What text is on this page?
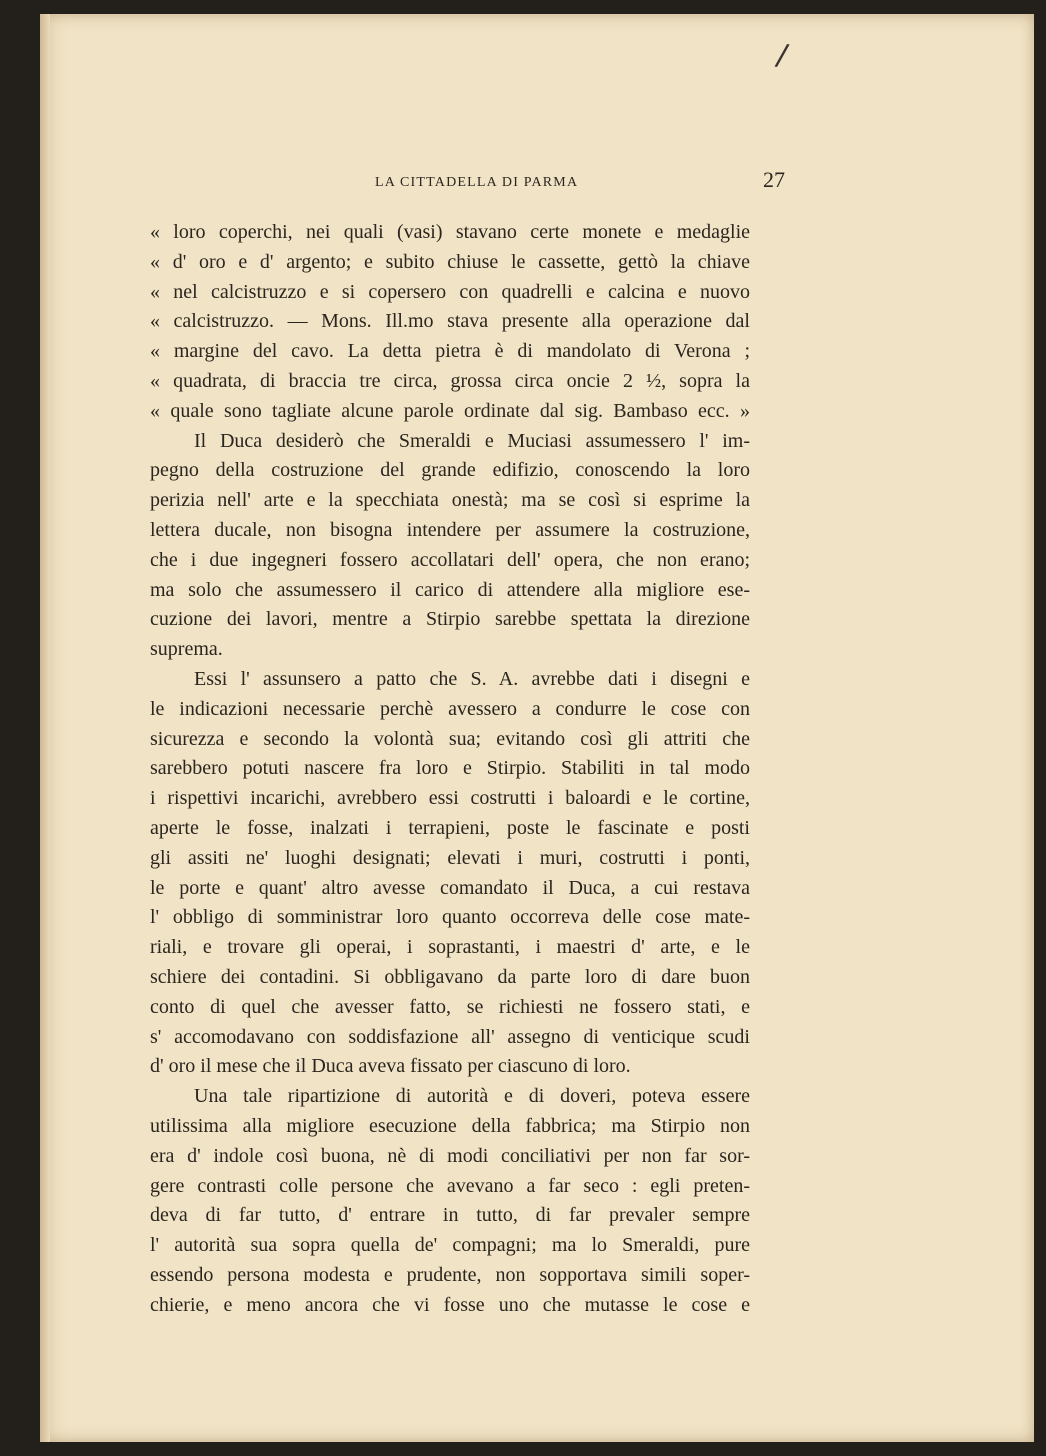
/
LA CITTADELLA DI PARMA	27
« loro coperchi, nei quali (vasi) stavano certe monete e medaglie
« d' oro e d' argento; e subito chiuse le cassette, gettò la chiave
« nel calcistruzzo e si copersero con quadrelli e calcina e nuovo
« calcistruzzo. — Mons. Ill.mo stava presente alla operazione dal
« margine del cavo. La detta pietra è di mandolato di Verona ;
« quadrata, di braccia tre circa, grossa circa oncie 2 ½, sopra la
« quale sono tagliate alcune parole ordinate dal sig. Bambaso ecc. »
Il Duca desiderò che Smeraldi e Muciasi assumessero l' im-
pegno della costruzione del grande edifizio, conoscendo la loro
perizia nell' arte e la specchiata onestà; ma se così si esprime la
lettera ducale, non bisogna intendere per assumere la costruzione,
che i due ingegneri fossero accollatari dell' opera, che non erano;
ma solo che assumessero il carico di attendere alla migliore ese-
cuzione dei lavori, mentre a Stirpio sarebbe spettata la direzione
suprema.
Essi l' assunsero a patto che S. A. avrebbe dati i disegni e
le indicazioni necessarie perchè avessero a condurre le cose con
sicurezza e secondo la volontà sua; evitando così gli attriti che
sarebbero potuti nascere fra loro e Stirpio. Stabiliti in tal modo
i rispettivi incarichi, avrebbero essi costrutti i baloardi e le cortine,
aperte le fosse, inalzati i terrapieni, poste le fascinate e posti
gli assiti ne' luoghi designati; elevati i muri, costrutti i ponti,
le porte e quant' altro avesse comandato il Duca, a cui restava
l' obbligo di somministrar loro quanto occorreva delle cose mate-
riali, e trovare gli operai, i soprastanti, i maestri d' arte, e le
schiere dei contadini. Si obbligavano da parte loro di dare buon
conto di quel che avesser fatto, se richiesti ne fossero stati, e
s' accomodavano con soddisfazione all' assegno di venticique scudi
d' oro il mese che il Duca aveva fissato per ciascuno di loro.
Una tale ripartizione di autorità e di doveri, poteva essere
utilissima alla migliore esecuzione della fabbrica; ma Stirpio non
era d' indole così buona, nè di modi conciliativi per non far sor-
gere contrasti colle persone che avevano a far seco : egli preten-
deva di far tutto, d' entrare in tutto, di far prevaler sempre
l' autorità sua sopra quella de' compagni; ma lo Smeraldi, pure
essendo persona modesta e prudente, non sopportava simili soper-
chierie, e meno ancora che vi fosse uno che mutasse le cose e
